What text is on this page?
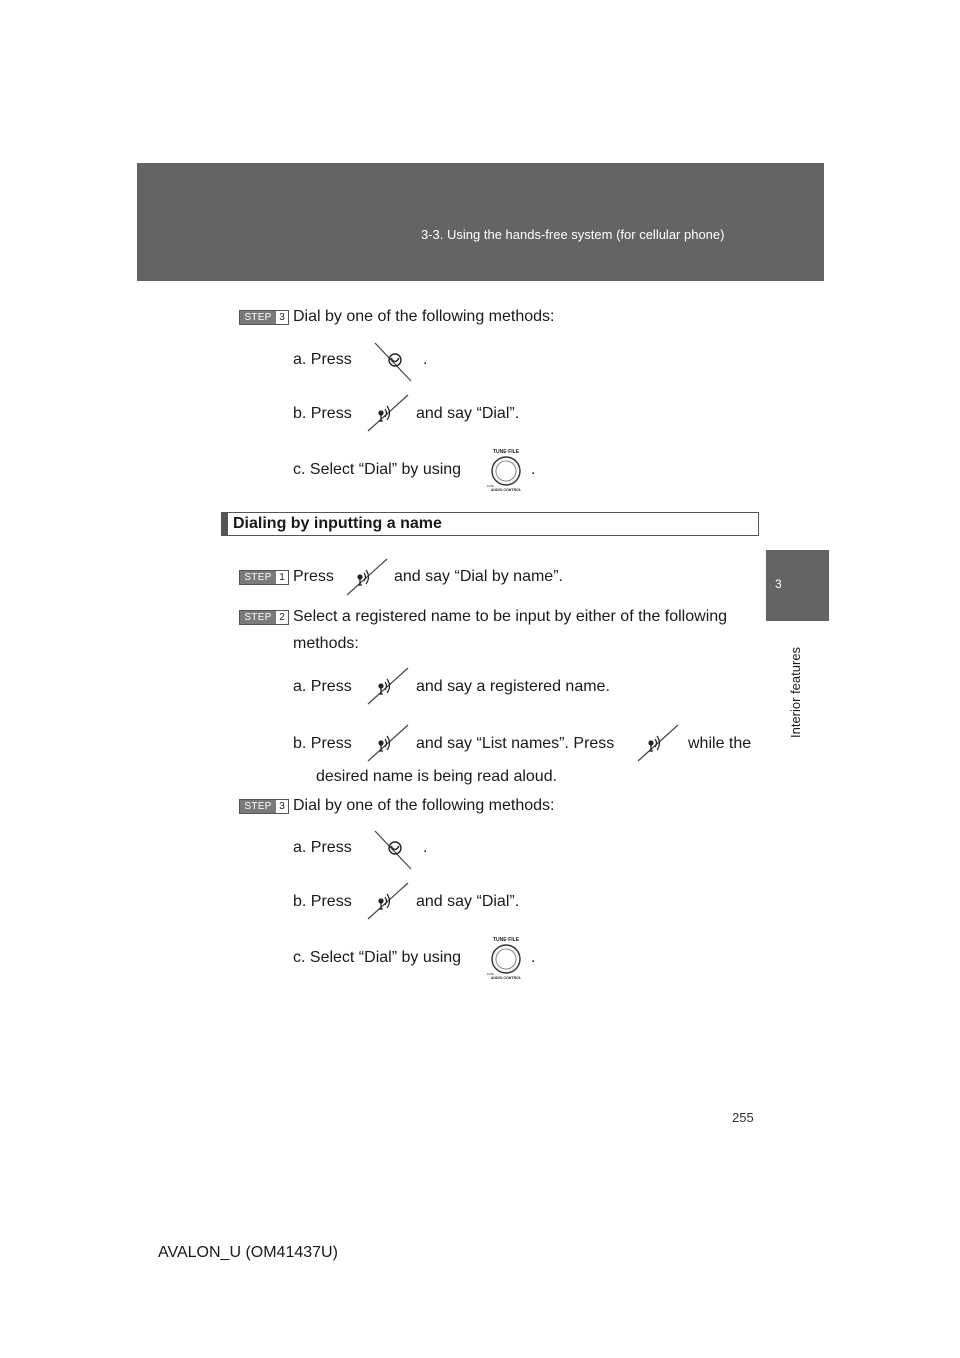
3-3. Using the hands-free system (for cellular phone)
3
Interior features
STEP 3 Dial by one of the following methods:
a. Press	.
b. Press	and say “Dial”.
c. Select “Dial” by using
TUNE·FILE
PUSH
AUDIO CONTROL
.
Dialing by inputting a name
STEP 1 Press	and say “Dial by name”.
STEP 2 Select a registered name to be input by either of the following
methods:
a. Press	and say a registered name.
b. Press	and say “List names”. Press	while the
desired name is being read aloud.
STEP 3 Dial by one of the following methods:
a. Press	.
b. Press	and say “Dial”.
c. Select “Dial” by using
TUNE·FILE
PUSH
AUDIO CONTROL
.
255
AVALON_U (OM41437U)
